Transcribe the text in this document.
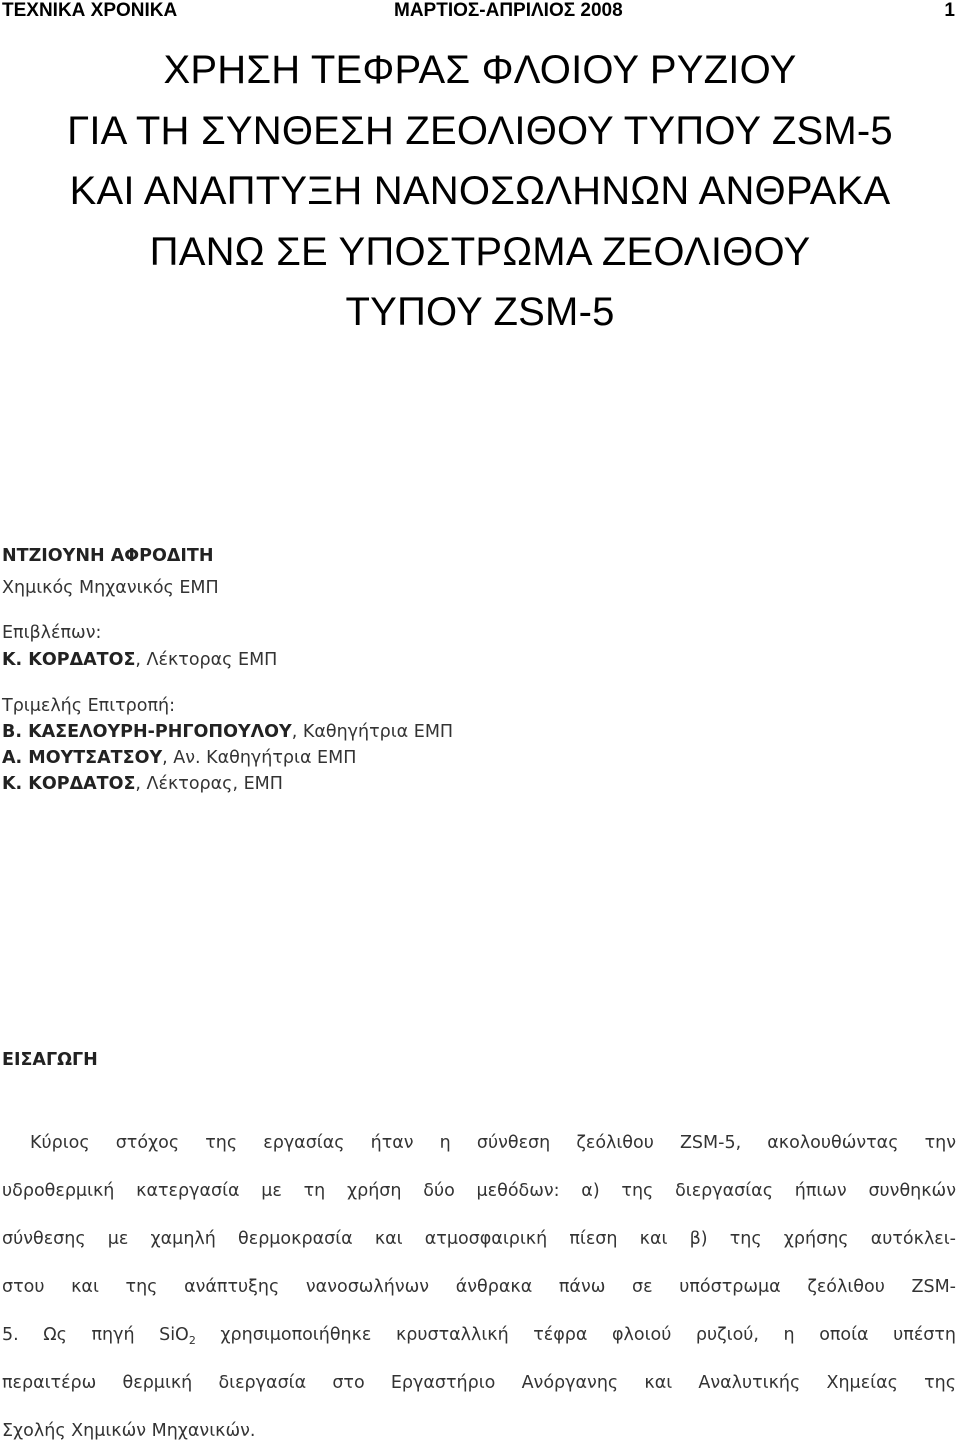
ΤΕΧΝΙΚΑ ΧΡΟΝΙΚΑ	ΜΑΡΤΙΟΣ-ΑΠΡΙΛΙΟΣ 2008	1
ΧΡΗΣΗ ΤΕΦΡΑΣ ΦΛΟΙΟΥ ΡΥΖΙΟΥ
ΓΙΑ ΤΗ ΣΥΝΘΕΣΗ ΖΕΟΛΙΘΟΥ ΤΥΠΟΥ ZSM-5
ΚΑΙ ΑΝΑΠΤΥΞΗ ΝΑΝΟΣΩΛΗΝΩΝ ΑΝΘΡΑΚΑ
ΠΑΝΩ ΣΕ ΥΠΟΣΤΡΩΜΑ ΖΕΟΛΙΘΟΥ
ΤΥΠΟΥ ZSM-5
ΝΤΖΙΟΥΝΗ ΑΦΡΟΔΙΤΗ
Χημικός Μηχανικός ΕΜΠ
Επιβλέπων:
Κ. ΚΟΡΔΑΤΟΣ, Λέκτορας ΕΜΠ
Τριμελής Επιτροπή:
Β. ΚΑΣΕΛΟΥΡΗ-ΡΗΓΟΠΟΥΛΟΥ, Καθηγήτρια ΕΜΠ
Α. ΜΟΥΤΣΑΤΣΟΥ, Αν. Καθηγήτρια ΕΜΠ
Κ. ΚΟΡΔΑΤΟΣ, Λέκτορας, ΕΜΠ
ΕΙΣΑΓΩΓΗ
Κύριος στόχος της εργασίας ήταν η σύνθεση ζεόλιθου ZSM-5, ακολουθώντας την
υδροθερμική κατεργασία με τη χρήση δύο μεθόδων: α) της διεργασίας ήπιων συνθηκών
σύνθεσης με χαμηλή θερμοκρασία και ατμοσφαιρική πίεση και β) της χρήσης αυτόκλει-
στου και της ανάπτυξης νανοσωλήνων άνθρακα πάνω σε υπόστρωμα ζεόλιθου ZSM-
5. Ως πηγή SiO$_2$ χρησιμοποιήθηκε κρυσταλλική τέφρα φλοιού ρυζιού, η οποία υπέστη
περαιτέρω θερμική διεργασία στο Εργαστήριο Ανόργανης και Αναλυτικής Χημείας της
Σχολής Χημικών Μηχανικών.
